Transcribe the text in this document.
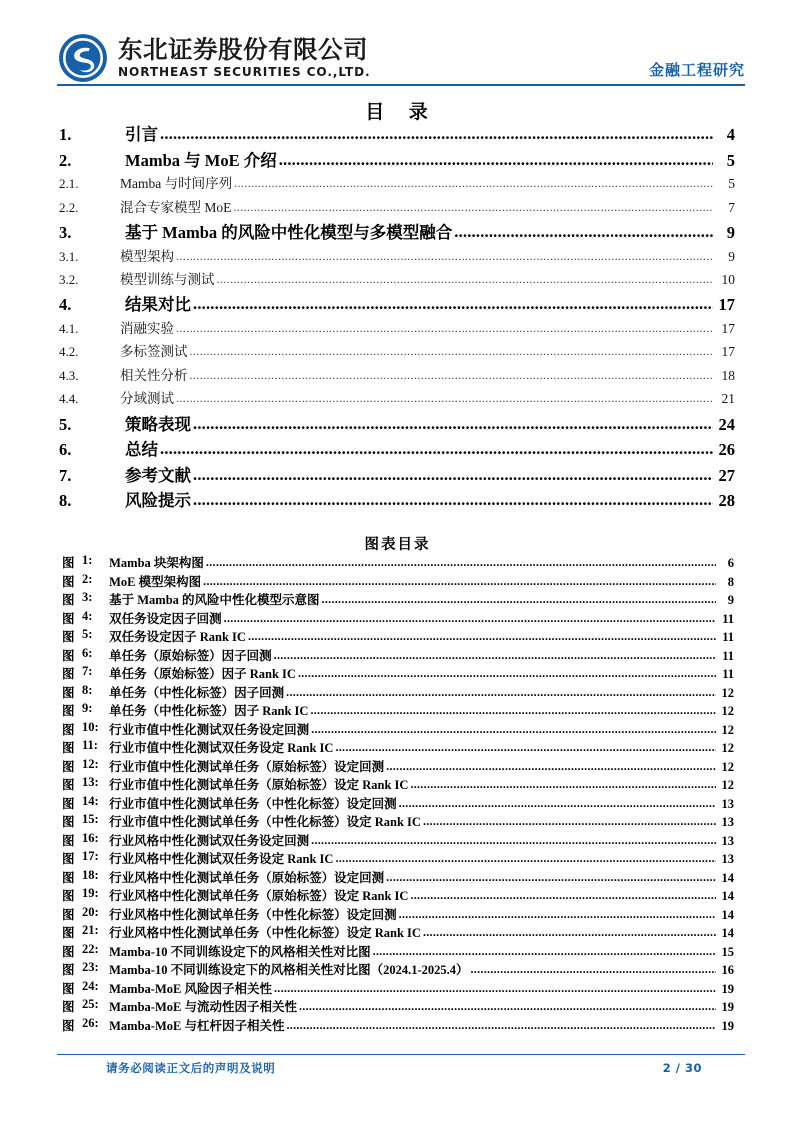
东北证券股份有限公司
NORTHEAST SECURITIES CO.,LTD.	金融工程研究
目 录
1.	引言 .....	4
2.	Mamba 与 MoE 介绍 .....	5
2.1.	Mamba 与时间序列 .....	5
2.2.	混合专家模型 MoE .....	7
3.	基于 Mamba 的风险中性化模型与多模型融合 .....	9
3.1.	模型架构 .....	9
3.2.	模型训练与测试 .....	10
4.	结果对比 .....	17
4.1.	消融实验 .....	17
4.2.	多标签测试 .....	17
4.3.	相关性分析 .....	18
4.4.	分域测试 .....	21
5.	策略表现 .....	24
6.	总结 .....	26
7.	参考文献 .....	27
8.	风险提示 .....	28
图表目录
图 1: Mamba 块架构图 .....	6
图 2: MoE 模型架构图 .....	8
图 3: 基于 Mamba 的风险中性化模型示意图 .....	9
图 4: 双任务设定因子回测 .....	11
图 5: 双任务设定因子 Rank IC .....	11
图 6: 单任务（原始标签）因子回测 .....	11
图 7: 单任务（原始标签）因子 Rank IC .....	11
图 8: 单任务（中性化标签）因子回测 .....	12
图 9: 单任务（中性化标签）因子 Rank IC .....	12
图 10: 行业市值中性化测试双任务设定回测 .....	12
图 11: 行业市值中性化测试双任务设定 Rank IC .....	12
图 12: 行业市值中性化测试单任务（原始标签）设定回测 .....	12
图 13: 行业市值中性化测试单任务（原始标签）设定 Rank IC .....	12
图 14: 行业市值中性化测试单任务（中性化标签）设定回测 .....	13
图 15: 行业市值中性化测试单任务（中性化标签）设定 Rank IC .....	13
图 16: 行业风格中性化测试双任务设定回测 .....	13
图 17: 行业风格中性化测试双任务设定 Rank IC .....	13
图 18: 行业风格中性化测试单任务（原始标签）设定回测 .....	14
图 19: 行业风格中性化测试单任务（原始标签）设定 Rank IC .....	14
图 20: 行业风格中性化测试单任务（中性化标签）设定回测 .....	14
图 21: 行业风格中性化测试单任务（中性化标签）设定 Rank IC .....	14
图 22: Mamba-10 不同训练设定下的风格相关性对比图 .....	15
图 23: Mamba-10 不同训练设定下的风格相关性对比图（2024.1-2025.4） .....	16
图 24: Mamba-MoE 风险因子相关性 .....	19
图 25: Mamba-MoE 与流动性因子相关性 .....	19
图 26: Mamba-MoE 与杠杆因子相关性 .....	19
请务必阅读正文后的声明及说明	2 / 30
